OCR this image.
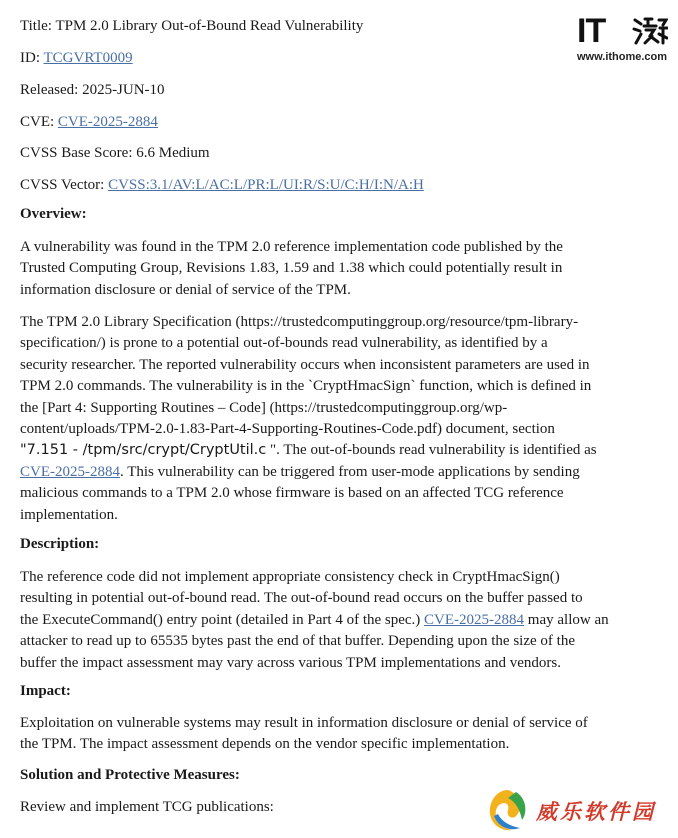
Title: TPM 2.0 Library Out-of-Bound Read Vulnerability
ID: TCGVRT0009
Released: 2025-JUN-10
CVE: CVE-2025-2884
CVSS Base Score: 6.6 Medium
CVSS Vector: CVSS:3.1/AV:L/AC:L/PR:L/UI:R/S:U/C:H/I:N/A:H
Overview:
A vulnerability was found in the TPM 2.0 reference implementation code published by the
Trusted Computing Group, Revisions 1.83, 1.59 and 1.38 which could potentially result in
information disclosure or denial of service of the TPM.
The TPM 2.0 Library Specification (https://trustedcomputinggroup.org/resource/tpm-library-
specification/) is prone to a potential out-of-bounds read vulnerability, as identified by a
security researcher. The reported vulnerability occurs when inconsistent parameters are used in
TPM 2.0 commands. The vulnerability is in the `CryptHmacSign` function, which is defined in
the [Part 4: Supporting Routines – Code] (https://trustedcomputinggroup.org/wp-
content/uploads/TPM-2.0-1.83-Part-4-Supporting-Routines-Code.pdf) document, section
"7.151 - /tpm/src/crypt/CryptUtil.c ". The out-of-bounds read vulnerability is identified as
CVE-2025-2884. This vulnerability can be triggered from user-mode applications by sending
malicious commands to a TPM 2.0 whose firmware is based on an affected TCG reference
implementation.
Description:
The reference code did not implement appropriate consistency check in CryptHmacSign()
resulting in potential out-of-bound read. The out-of-bound read occurs on the buffer passed to
the ExecuteCommand() entry point (detailed in Part 4 of the spec.) CVE-2025-2884 may allow an
attacker to read up to 65535 bytes past the end of that buffer. Depending upon the size of the
buffer the impact assessment may vary across various TPM implementations and vendors.
Impact:
Exploitation on vulnerable systems may result in information disclosure or denial of service of
the TPM. The impact assessment depends on the vendor specific implementation.
Solution and Protective Measures:
Review and implement TCG publications:
IT
www.ithome.com
威乐软件园
